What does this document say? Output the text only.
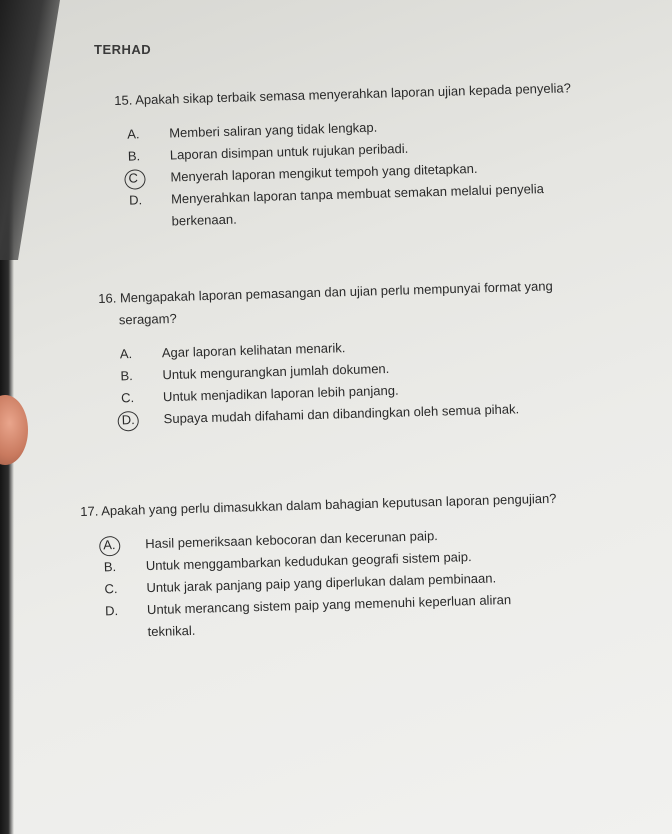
TERHAD

15. Apakah sikap terbaik semasa menyerahkan laporan ujian kepada penyelia?

A.	Memberi saliran yang tidak lengkap.
B.	Laporan disimpan untuk rujukan peribadi.
C	Menyerah laporan mengikut tempoh yang ditetapkan.
D.	Menyerahkan laporan tanpa membuat semakan melalui penyelia
berkenaan.

16. Mengapakah laporan pemasangan dan ujian perlu mempunyai format yang

seragam?

A.	Agar laporan kelihatan menarik.
B.	Untuk mengurangkan jumlah dokumen.
C.	Untuk menjadikan laporan lebih panjang.
D.	Supaya mudah difahami dan dibandingkan oleh semua pihak.

17. Apakah yang perlu dimasukkan dalam bahagian keputusan laporan pengujian?

A.	Hasil pemeriksaan kebocoran dan kecerunan paip.
B.	Untuk menggambarkan kedudukan geografi sistem paip.
C.	Untuk jarak panjang paip yang diperlukan dalam pembinaan.
D.	Untuk merancang sistem paip yang memenuhi keperluan aliran
teknikal.
